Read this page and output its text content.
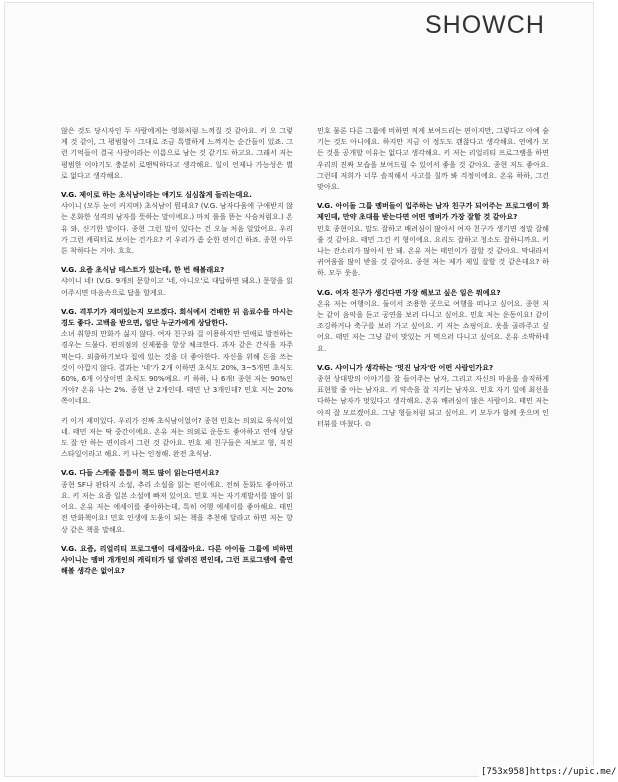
SHOWCH
않은 것도 당시자인 두 사람에게는 영화처럼 느껴질 것 같아요. 키 오 그렇게 것 같이, 그 평범함이 그대로 조금 특별하게 느껴지는 순간들이 있죠. 그런 기억들이 결국 사랑이라는 이름으로 남는 것 같기도 하고요. 그래서 저는 평범한 이야기도 충분히 로맨틱하다고 생각해요. 일이 언제나 가능성은 별로 없다고 생각해요.
V.G. 제이로 하는 초식남이라는 얘기도 심심찮게 들리는데요.
샤이니 (모두 눈이 커지며) 초식남이 뭔데요? (V.G. 남자다움에 구애받지 않는 온화한 성격의 남자를 뜻하는 말이에요.) 마치 풀을 뜯는 사슴처럼요.) 온유 와, 신기한 말이다. 종현 그런 말이 있다는 건 오늘 처음 알았어요. 우리가 그런 캐릭터로 보이는 건가요? 키 우리가 좀 순한 편이긴 하죠. 종현 아무튼 착하다는 거야. 흐흐.
V.G. 요즘 초식남 테스트가 있는데, 한 번 해볼래요?
샤이니 네! (V.G. 9개의 문항이고 '네, 아니오'로 대답하면 돼요.) 문항을 읽어주시면 마음속으로 답을 할게요.
V.G. 격투기가 재미있는지 모르겠다. 회식에서 건배한 뒤 음료수를 마시는 경도 좋다. 고백을 받으면, 일단 누군가에게 상담한다.
소녀 취향의 만화가 싫지 않다. 여자 친구와 걸 이용하지만 연애로 발전하는 경우는 드물다. 편의점의 신제품을 항상 체크한다. 과자 같은 간식을 자주 먹는다. 외출하기보다 집에 있는 것을 더 좋아한다. 자신을 위해 돈을 쓰는 것이 아깝지 않다. 결과는 '네'가 2개 이하면 초식도 20%, 3~5개면 초식도 60%, 6개 이상이면 초식도 90%예요. 키 하하, 나 6개! 종현 저는 90%인 거야? 온유 나는 2%. 종현 난 2개인데. 태민 난 3개인데? 민호 저는 20% 쪽이네요.
키 이거 재미있다. 우리가 진짜 초식남이었어? 종현 민호는 의외로 육식이었네. 태민 저는 딱 중간이에요. 온유 저는 의외로 운동도 좋아하고 연애 상담도 잘 안 하는 편이라서 그런 것 같아요. 민호 제 친구들은 저보고 형, 직진 스타일이라고 해요. 키 나는 인정해. 완전 초식남.
V.G. 다들 스케줄 틈틈이 책도 많이 읽는다면서요?
종현 SF나 판타지 소설, 추리 소설을 읽는 편이에요. 전혀 동화도 좋아하고요. 키 저는 요즘 일본 소설에 빠져 있어요. 민호 저는 자기계발서를 많이 읽어요. 온유 저는 에세이를 좋아하는데, 특히 여행 에세이를 좋아해요. 태민 전 만화책이요! 민호 인생에 도움이 되는 책을 추천해 달라고 하면 저는 항상 같은 책을 말해요.
V.G. 요즘, 리얼리티 프로그램이 대세잖아요. 다른 아이돌 그룹에 비하면 샤이니는 멤버 개개인의 캐릭터가 덜 알려진 편인데, 그런 프로그램에 출연해볼 생각은 없어요?
민호 물론 다른 그룹에 비하면 적게 보여드리는 편이지만, 그렇다고 아예 숨기는 것도 아니에요. 하지만 지금 이 정도도 괜찮다고 생각해요. 연예가 모든 것을 공개할 이유는 없다고 생각해요. 키 저는 리얼리티 프로그램을 하면 우리의 진짜 모습을 보여드릴 수 있어서 좋을 것 같아요. 종현 저도 좋아요. 그런데 저희가 너무 솔직해서 사고를 칠까 봐 걱정이에요. 온유 하하, 그건 맞아요.
V.G. 아이돌 그룹 멤버들이 입주하는 남자 친구가 되어주는 프로그램이 화제인데, 만약 초대를 받는다면 어떤 멤버가 가장 잘할 것 같아요?
민호 종현이요. 말도 잘하고 배려심이 많아서 여자 친구가 생기면 정말 잘해줄 것 같아요. 태민 그건 키 형이에요. 요리도 잘하고 청소도 잘하니까요. 키 나는 잔소리가 많아서 안 돼. 온유 저는 태민이가 잘할 것 같아요. 막내라서 귀여움을 많이 받을 것 같아요. 종현 저는 제가 제일 잘할 것 같은데요? 하하. 모두 웃음.
V.G. 여자 친구가 생긴다면 가장 해보고 싶은 일은 뭐예요?
온유 저는 여행이요. 둘이서 조용한 곳으로 여행을 떠나고 싶어요. 종현 저는 같이 음악을 듣고 공연을 보러 다니고 싶어요. 민호 저는 운동이요! 같이 조깅하거나 축구를 보러 가고 싶어요. 키 저는 쇼핑이요. 옷을 골라주고 싶어요. 태민 저는 그냥 같이 맛있는 거 먹으러 다니고 싶어요. 온유 소박하네요.
V.G. 샤이니가 생각하는 '멋진 남자'란 어떤 사람인가요?
종현 상대방의 이야기를 잘 들어주는 남자, 그리고 자신의 마음을 솔직하게 표현할 줄 아는 남자요. 키 약속을 잘 지키는 남자요. 민호 자기 일에 최선을 다하는 남자가 멋있다고 생각해요. 온유 배려심이 많은 사람이요. 태민 저는 아직 잘 모르겠어요. 그냥 형들처럼 되고 싶어요. 키 모두가 함께 웃으며 인터뷰를 마쳤다. ⊙
[753x958]https://upic.me/
